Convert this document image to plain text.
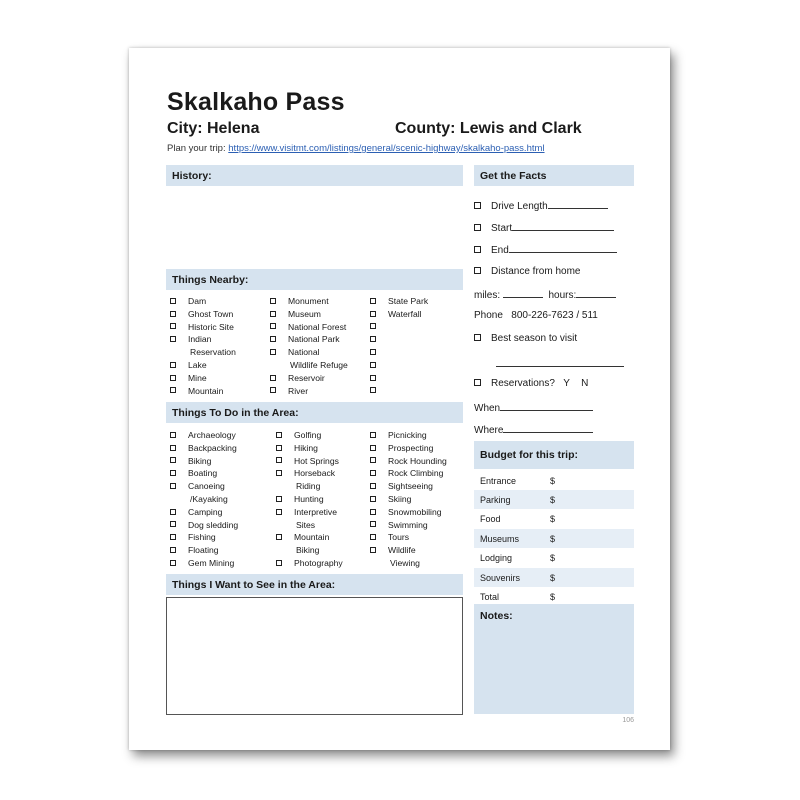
Skalkaho Pass
City: Helena	County: Lewis and Clark
Plan your trip: https://www.visitmt.com/listings/general/scenic-highway/skalkaho-pass.html
History:	Get the Facts
Drive Length
Start
End
Distance from home
miles:	hours:
Phone 800-226-7623 / 511
Best season to visit
Reservations? Y N
When
Where
Things Nearby:
Dam
Ghost Town
Historic Site
Indian
Reservation
Lake
Mine
Mountain
Monument
Museum
National Forest
National Park
National
Wildlife Refuge
Reservoir
River
State Park
Waterfall
Things To Do in the Area:
Archaeology
Backpacking
Biking
Boating
Canoeing
/Kayaking
Camping
Dog sledding
Fishing
Floating
Gem Mining
Golfing
Hiking
Hot Springs
Horseback
Riding
Hunting
Interpretive
Sites
Mountain
Biking
Photography
Picnicking
Prospecting
Rock Hounding
Rock Climbing
Sightseeing
Skiing
Snowmobiling
Swimming
Tours
Wildlife
Viewing
Things I Want to See in the Area:
Budget for this trip:
Entrance	$
Parking	$
Food	$
Museums	$
Lodging	$
Souvenirs	$
Total	$
Notes:
106
